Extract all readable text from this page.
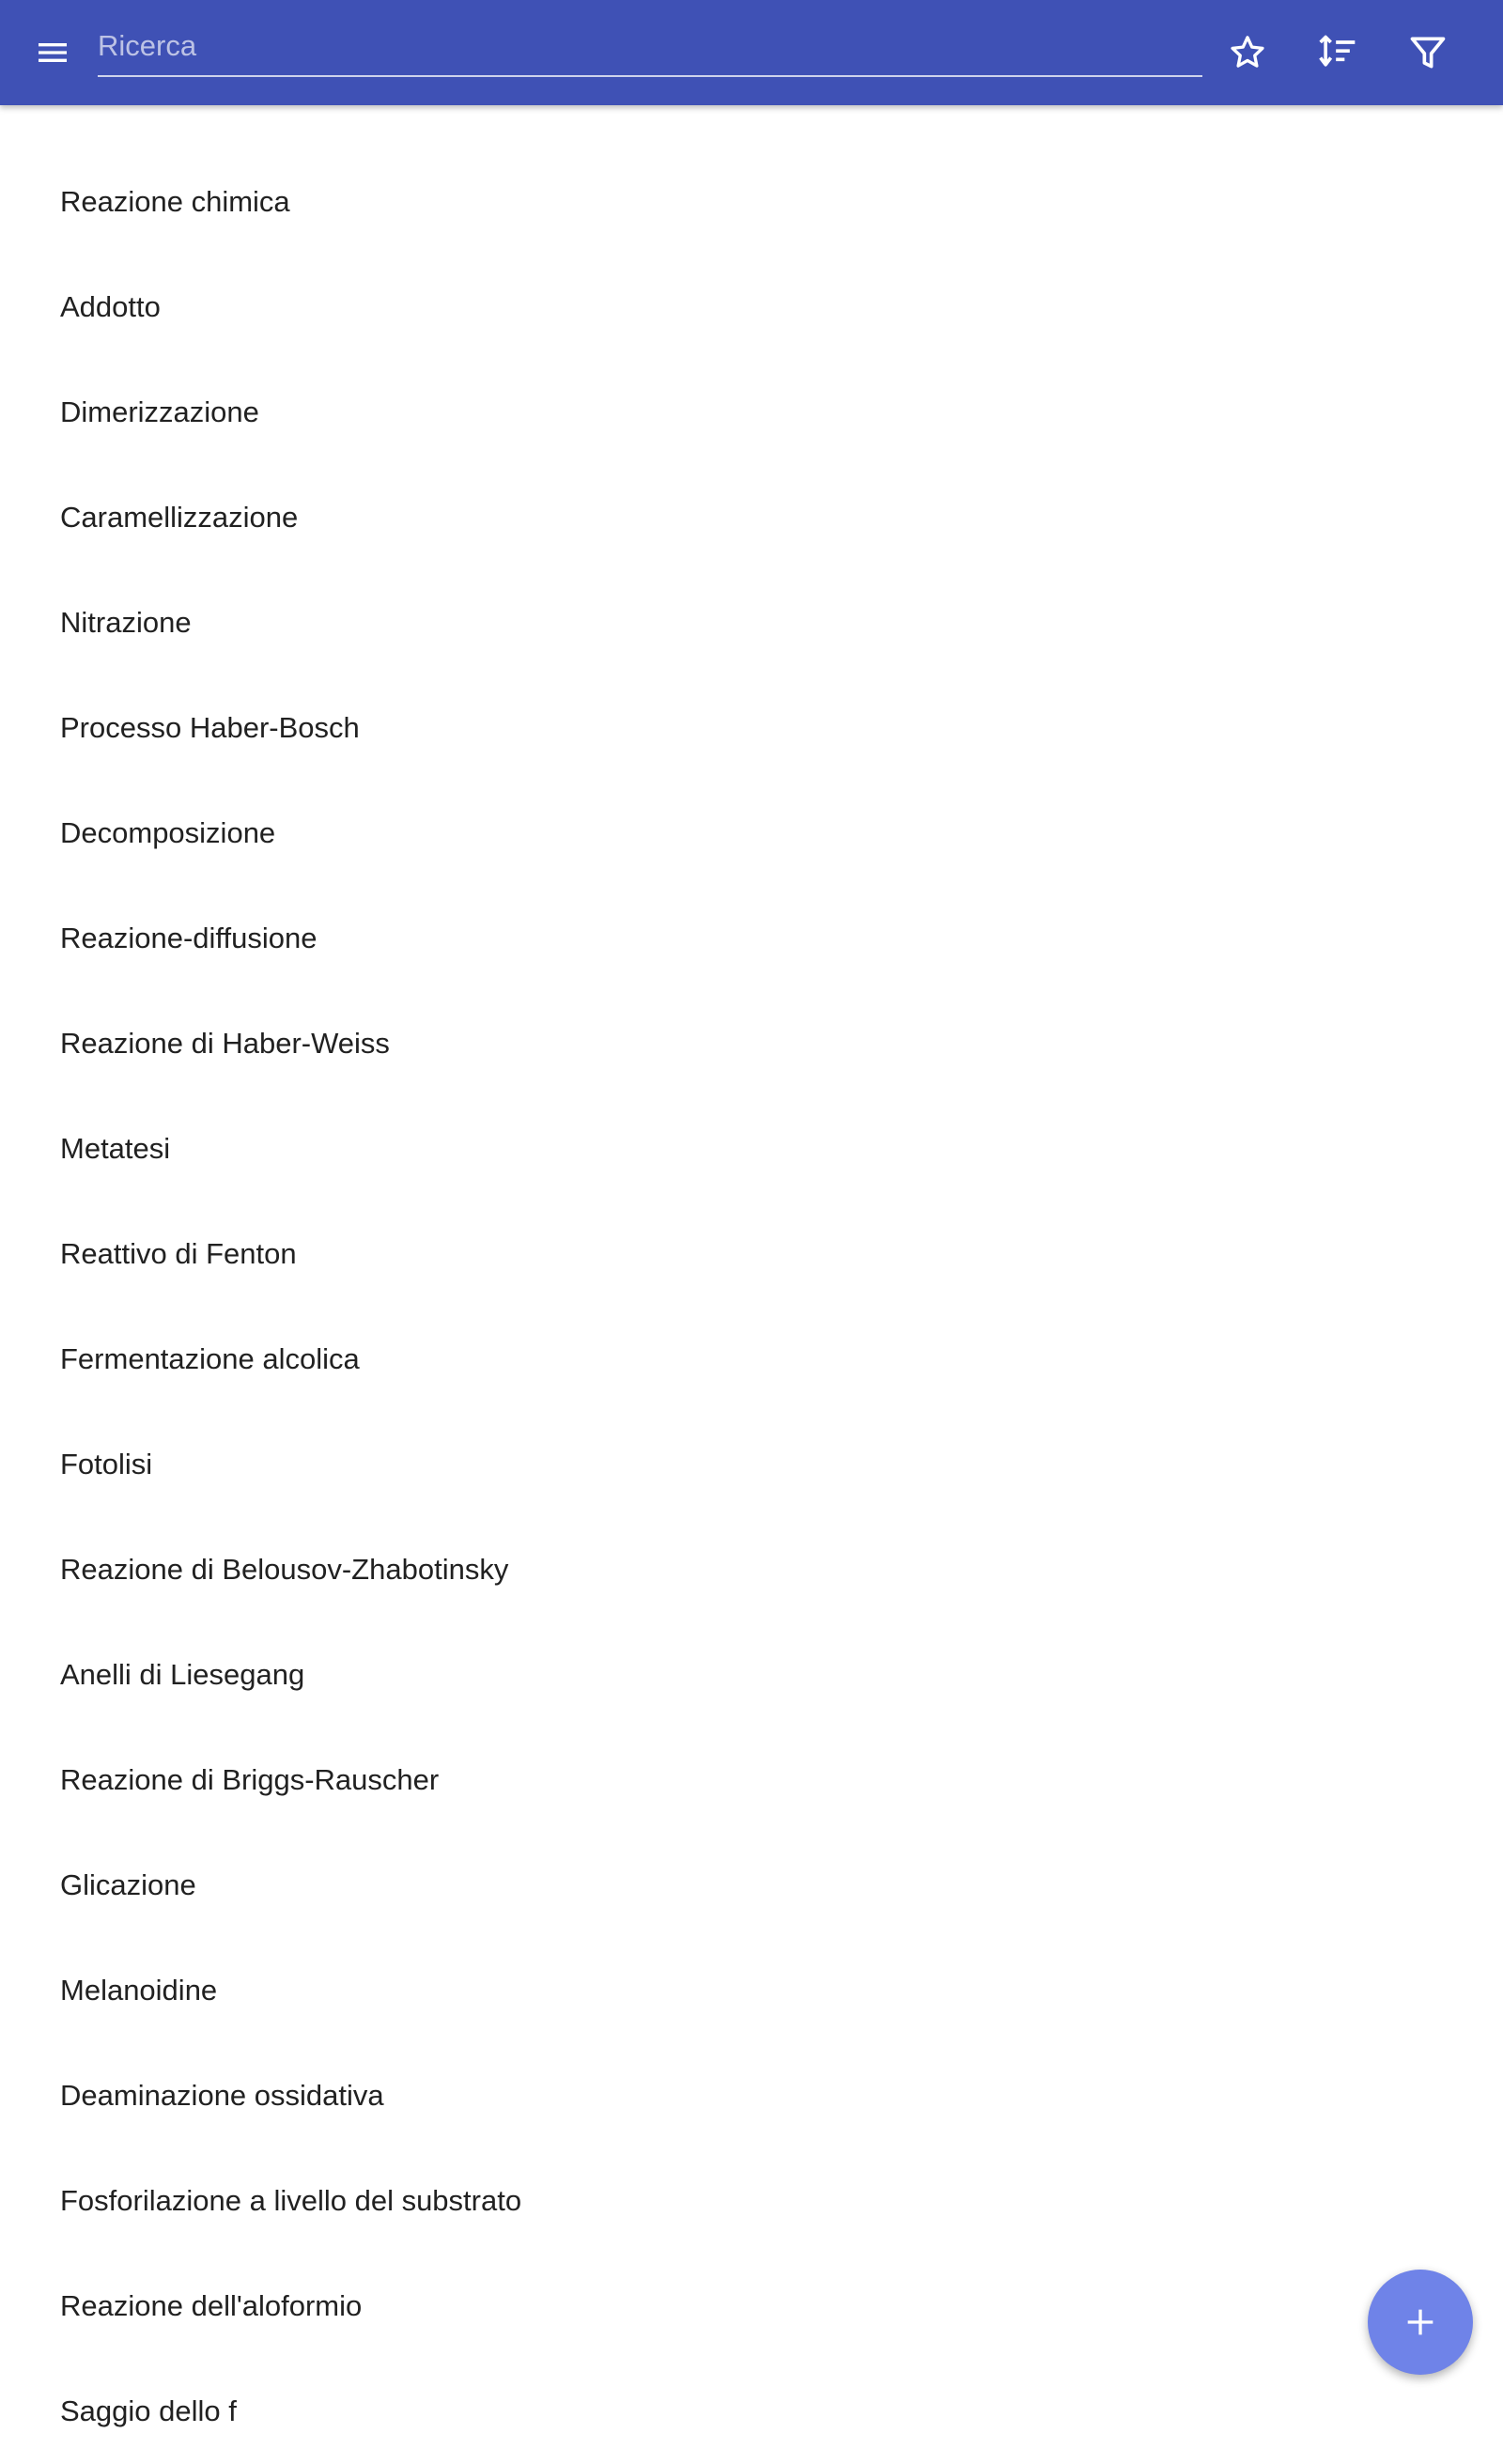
Ricerca
Reazione chimica
Addotto
Dimerizzazione
Caramellizzazione
Nitrazione
Processo Haber-Bosch
Decomposizione
Reazione-diffusione
Reazione di Haber-Weiss
Metatesi
Reattivo di Fenton
Fermentazione alcolica
Fotolisi
Reazione di Belousov-Zhabotinsky
Anelli di Liesegang
Reazione di Briggs-Rauscher
Glicazione
Melanoidine
Deaminazione ossidativa
Fosforilazione a livello del substrato
Reazione dell'aloformio
Saggio dello f
